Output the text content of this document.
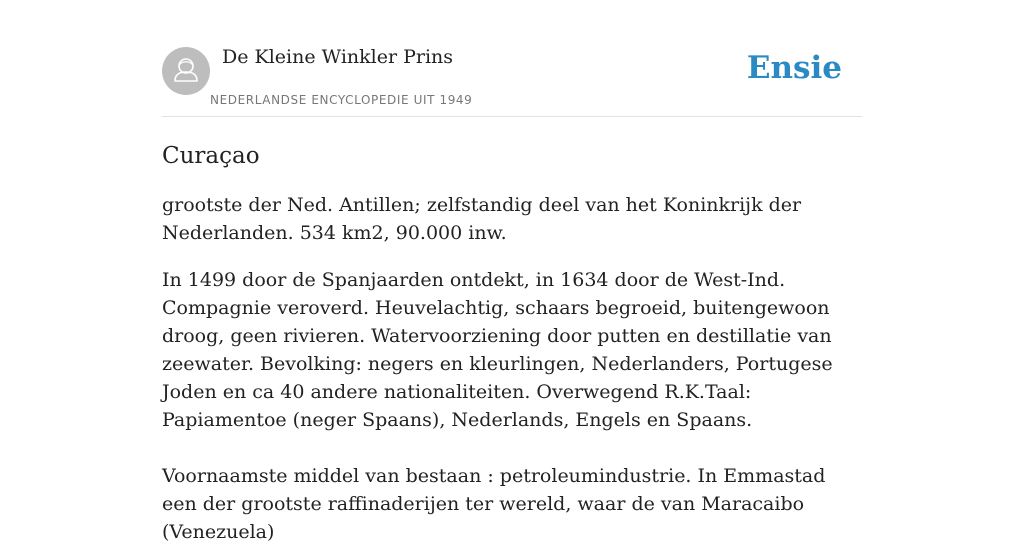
De Kleine Winkler Prins
NEDERLANDSE ENCYCLOPEDIE UIT 1949
Ensie
Curaçao

grootste der Ned. Antillen; zelfstandig deel van het Koninkrijk der Nederlanden. 534 km2, 90.000 inw.

In 1499 door de Spanjaarden ontdekt, in 1634 door de West-Ind. Compagnie veroverd. Heuvelachtig, schaars begroeid, buitengewoon droog, geen rivieren. Watervoorziening door putten en destillatie van zeewater. Bevolking: negers en kleurlingen, Nederlanders, Portugese Joden en ca 40 andere nationaliteiten. Overwegend R.K.Taal: Papiamentoe (neger Spaans), Nederlands, Engels en Spaans.

Voornaamste middel van bestaan : petroleumindustrie. In Emmastad een der grootste raffinaderijen ter wereld, waar de van Maracaibo (Venezuela)
